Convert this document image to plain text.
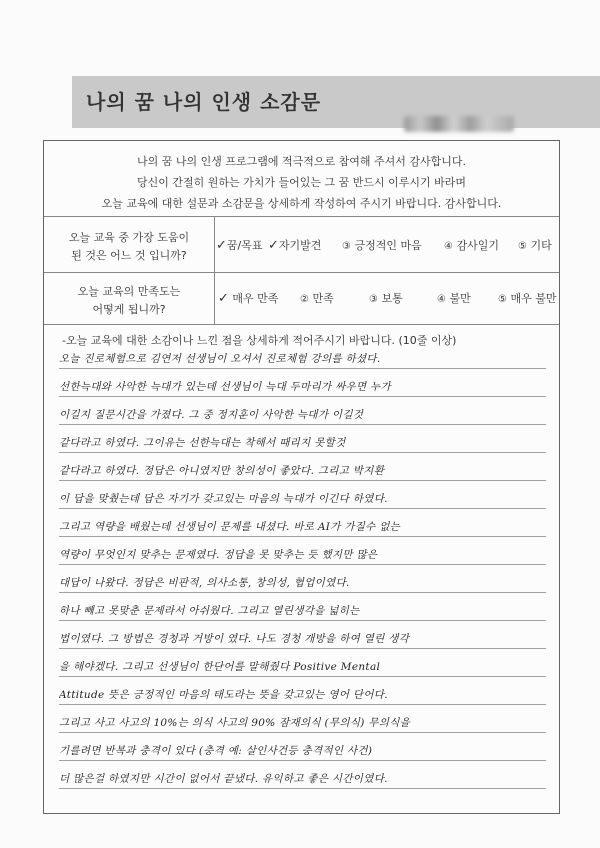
나의 꿈 나의 인생 소감문
나의 꿈 나의 인생 프로그램에 적극적으로 참여해 주셔서 감사합니다.
당신이 간절히 원하는 가치가 들어있는 그 꿈 반드시 이루시기 바라며
오늘 교육에 대한 설문과 소감문을 상세하게 작성하여 주시기 바랍니다. 감사합니다.
오늘 교육 중 가장 도움이
된 것은 어느 것 입니까?
✓꿈/목표 ✓자기발견 ③ 긍정적인 마음 ④ 감사일기 ⑤ 기타
오늘 교육의 만족도는
어떻게 됩니까?
✓ 매우 만족 ② 만족	③ 보통	④ 불만	⑤ 매우 불만
-오늘 교육에 대한 소감이나 느낀 점을 상세하게 적어주시기 바랍니다. (10줄 이상)
오늘 진로체험으로 김연저 선생님이 오셔서 진로체험 강의를 하셨다.
선한늑대와 사악한 늑대가 있는데 선생님이 늑대 두마리가 싸우면 누가
이길지 질문시간을 가졌다. 그 중 정지훈이 사악한 늑대가 이길것
같다라고 하였다. 그이유는 선한늑대는 착해서 때리지 못할것
같다라고 하였다. 정답은 아니였지만 창의성이 좋았다. 그리고 박지환
이 답을 맞췄는데 답은 자기가 갖고있는 마음의 늑대가 이긴다 하였다.
그리고 역량을 배웠는데 선생님이 문제를 내셨다. 바로 AI가 가질수 없는
역량이 무엇인지 맞추는 문제였다. 정답을 못 맞추는 듯 했지만 많은
대답이 나왔다. 정답은 비판적, 의사소통, 창의성, 협업이였다.
하나 빼고 못맞춘 문제라서 아쉬웠다. 그리고 열린생각을 넓히는
법이였다. 그 방법은 경청과 거방이 였다. 나도 경청 개방을 하여 열린 생각
을 해야겠다. 그리고 선생님이 한단어를 말해줬다 Positive Mental
Attitude 뜻은 긍정적인 마음의 태도라는 뜻을 갖고있는 영어 단어다.
그리고 사고 사고의 10%는 의식 사고의 90% 잠재의식 (무의식) 무의식을
기를려면 반복과 충격이 있다 (충격 예: 살인사건등 충격적인 사건)
더 많은걸 하였지만 시간이 없어서 끝냈다. 유익하고 좋은 시간이였다.
